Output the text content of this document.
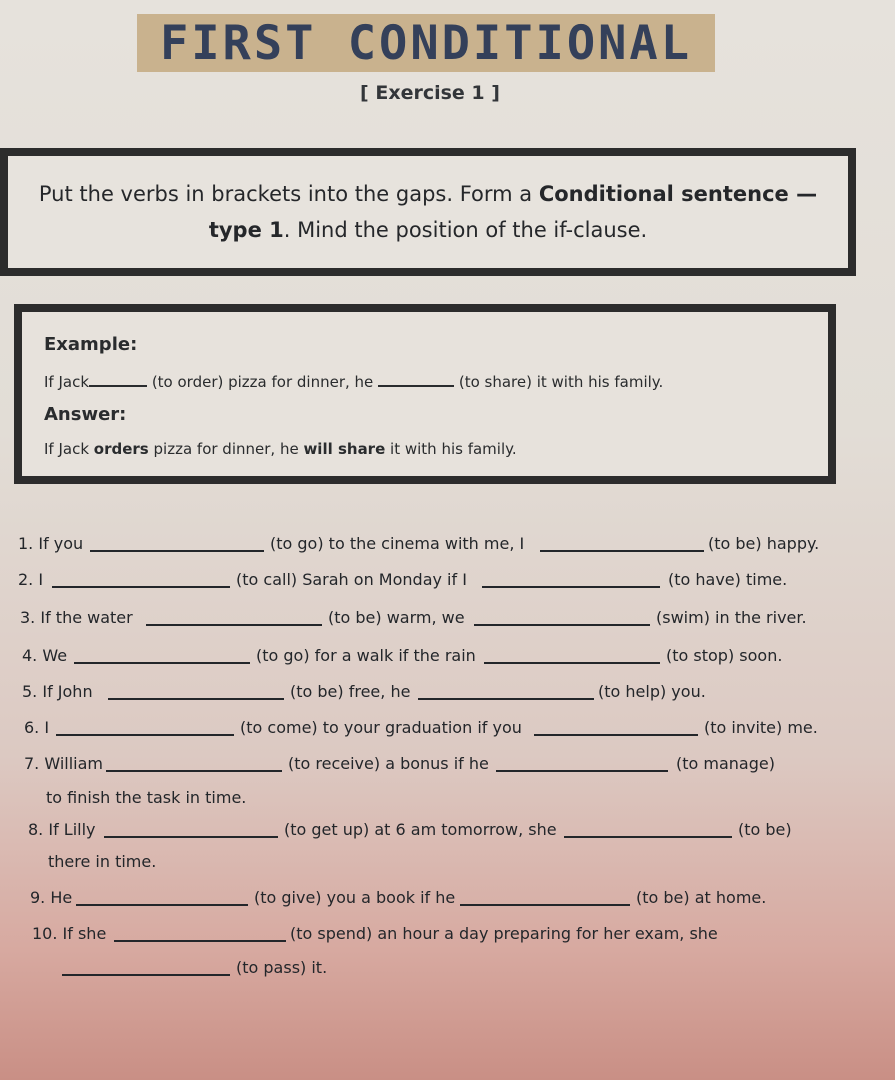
FIRST CONDITIONAL
[ Exercise 1 ]
Put the verbs in brackets into the gaps. Form a Conditional sentence —
type 1. Mind the position of the if-clause.
Example:
If Jack	(to order) pizza for dinner, he	(to share) it with his family.
Answer:
If Jack orders pizza for dinner, he will share it with his family.
1. If you	(to go) to the cinema with me, I	(to be) happy.
2. I	(to call) Sarah on Monday if I	(to have) time.
3. If the water	(to be) warm, we	(swim) in the river.
4. We	(to go) for a walk if the rain	(to stop) soon.
5. If John	(to be) free, he	(to help) you.
6. I	(to come) to your graduation if you	(to invite) me.
7. William	(to receive) a bonus if he	(to manage)
to finish the task in time.
8. If Lilly	(to get up) at 6 am tomorrow, she	(to be)
there in time.
9. He	(to give) you a book if he	(to be) at home.
10. If she	(to spend) an hour a day preparing for her exam, she
(to pass) it.
